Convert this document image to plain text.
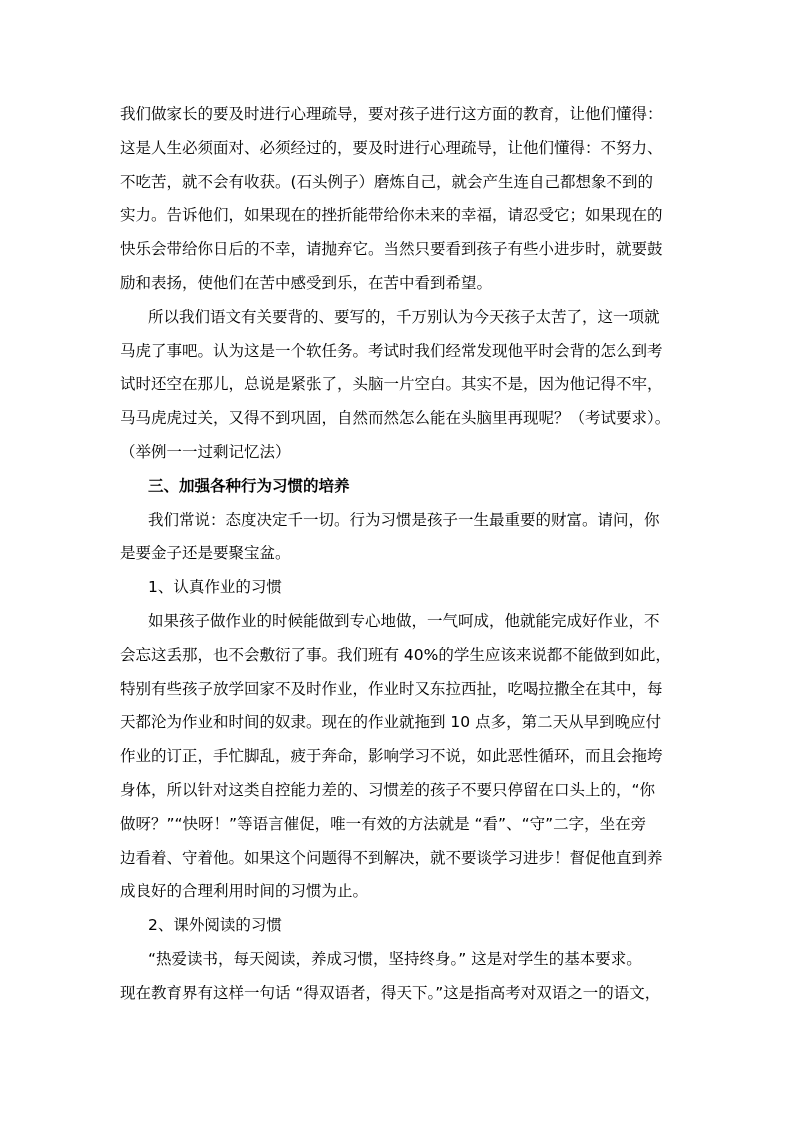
我们做家长的要及时进行心理疏导，要对孩子进行这方面的教育，让他们懂得：
这是人生必须面对、必须经过的，要及时进行心理疏导，让他们懂得：不努力、
不吃苦，就不会有收获。(石头例子）磨炼自己，就会产生连自己都想象不到的
实力。告诉他们，如果现在的挫折能带给你未来的幸福，请忍受它；如果现在的
快乐会带给你日后的不幸，请抛弃它。当然只要看到孩子有些小进步时，就要鼓
励和表扬，使他们在苦中感受到乐，在苦中看到希望。
所以我们语文有关要背的、要写的，千万别认为今天孩子太苦了，这一项就
马虎了事吧。认为这是一个软任务。考试时我们经常发现他平时会背的怎么到考
试时还空在那儿，总说是紧张了，头脑一片空白。其实不是，因为他记得不牢，
马马虎虎过关，又得不到巩固，自然而然怎么能在头脑里再现呢？（考试要求）。
（举例一一过剩记忆法）
三、加强各种行为习惯的培养
我们常说：态度决定千一切。行为习惯是孩子一生最重要的财富。请问，你
是要金子还是要聚宝盆。
1、认真作业的习惯
如果孩子做作业的时候能做到专心地做，一气呵成，他就能完成好作业，不
会忘这丢那，也不会敷衍了事。我们班有 40%的学生应该来说都不能做到如此，
特别有些孩子放学回家不及时作业，作业时又东拉西扯，吃喝拉撒全在其中，每
天都沦为作业和时间的奴隶。现在的作业就拖到 10 点多，第二天从早到晚应付
作业的订正，手忙脚乱，疲于奔命，影响学习不说，如此恶性循环，而且会拖垮
身体，所以针对这类自控能力差的、习惯差的孩子不要只停留在口头上的，“你
做呀？”“快呀！”等语言催促，唯一有效的方法就是 “看”、“守”二字，坐在旁
边看着、守着他。如果这个问题得不到解决，就不要谈学习进步！督促他直到养
成良好的合理利用时间的习惯为止。
2、课外阅读的习惯
“热爱读书，每天阅读，养成习惯，坚持终身。” 这是对学生的基本要求。
现在教育界有这样一句话 “得双语者，得天下。”这是指高考对双语之一的语文，
